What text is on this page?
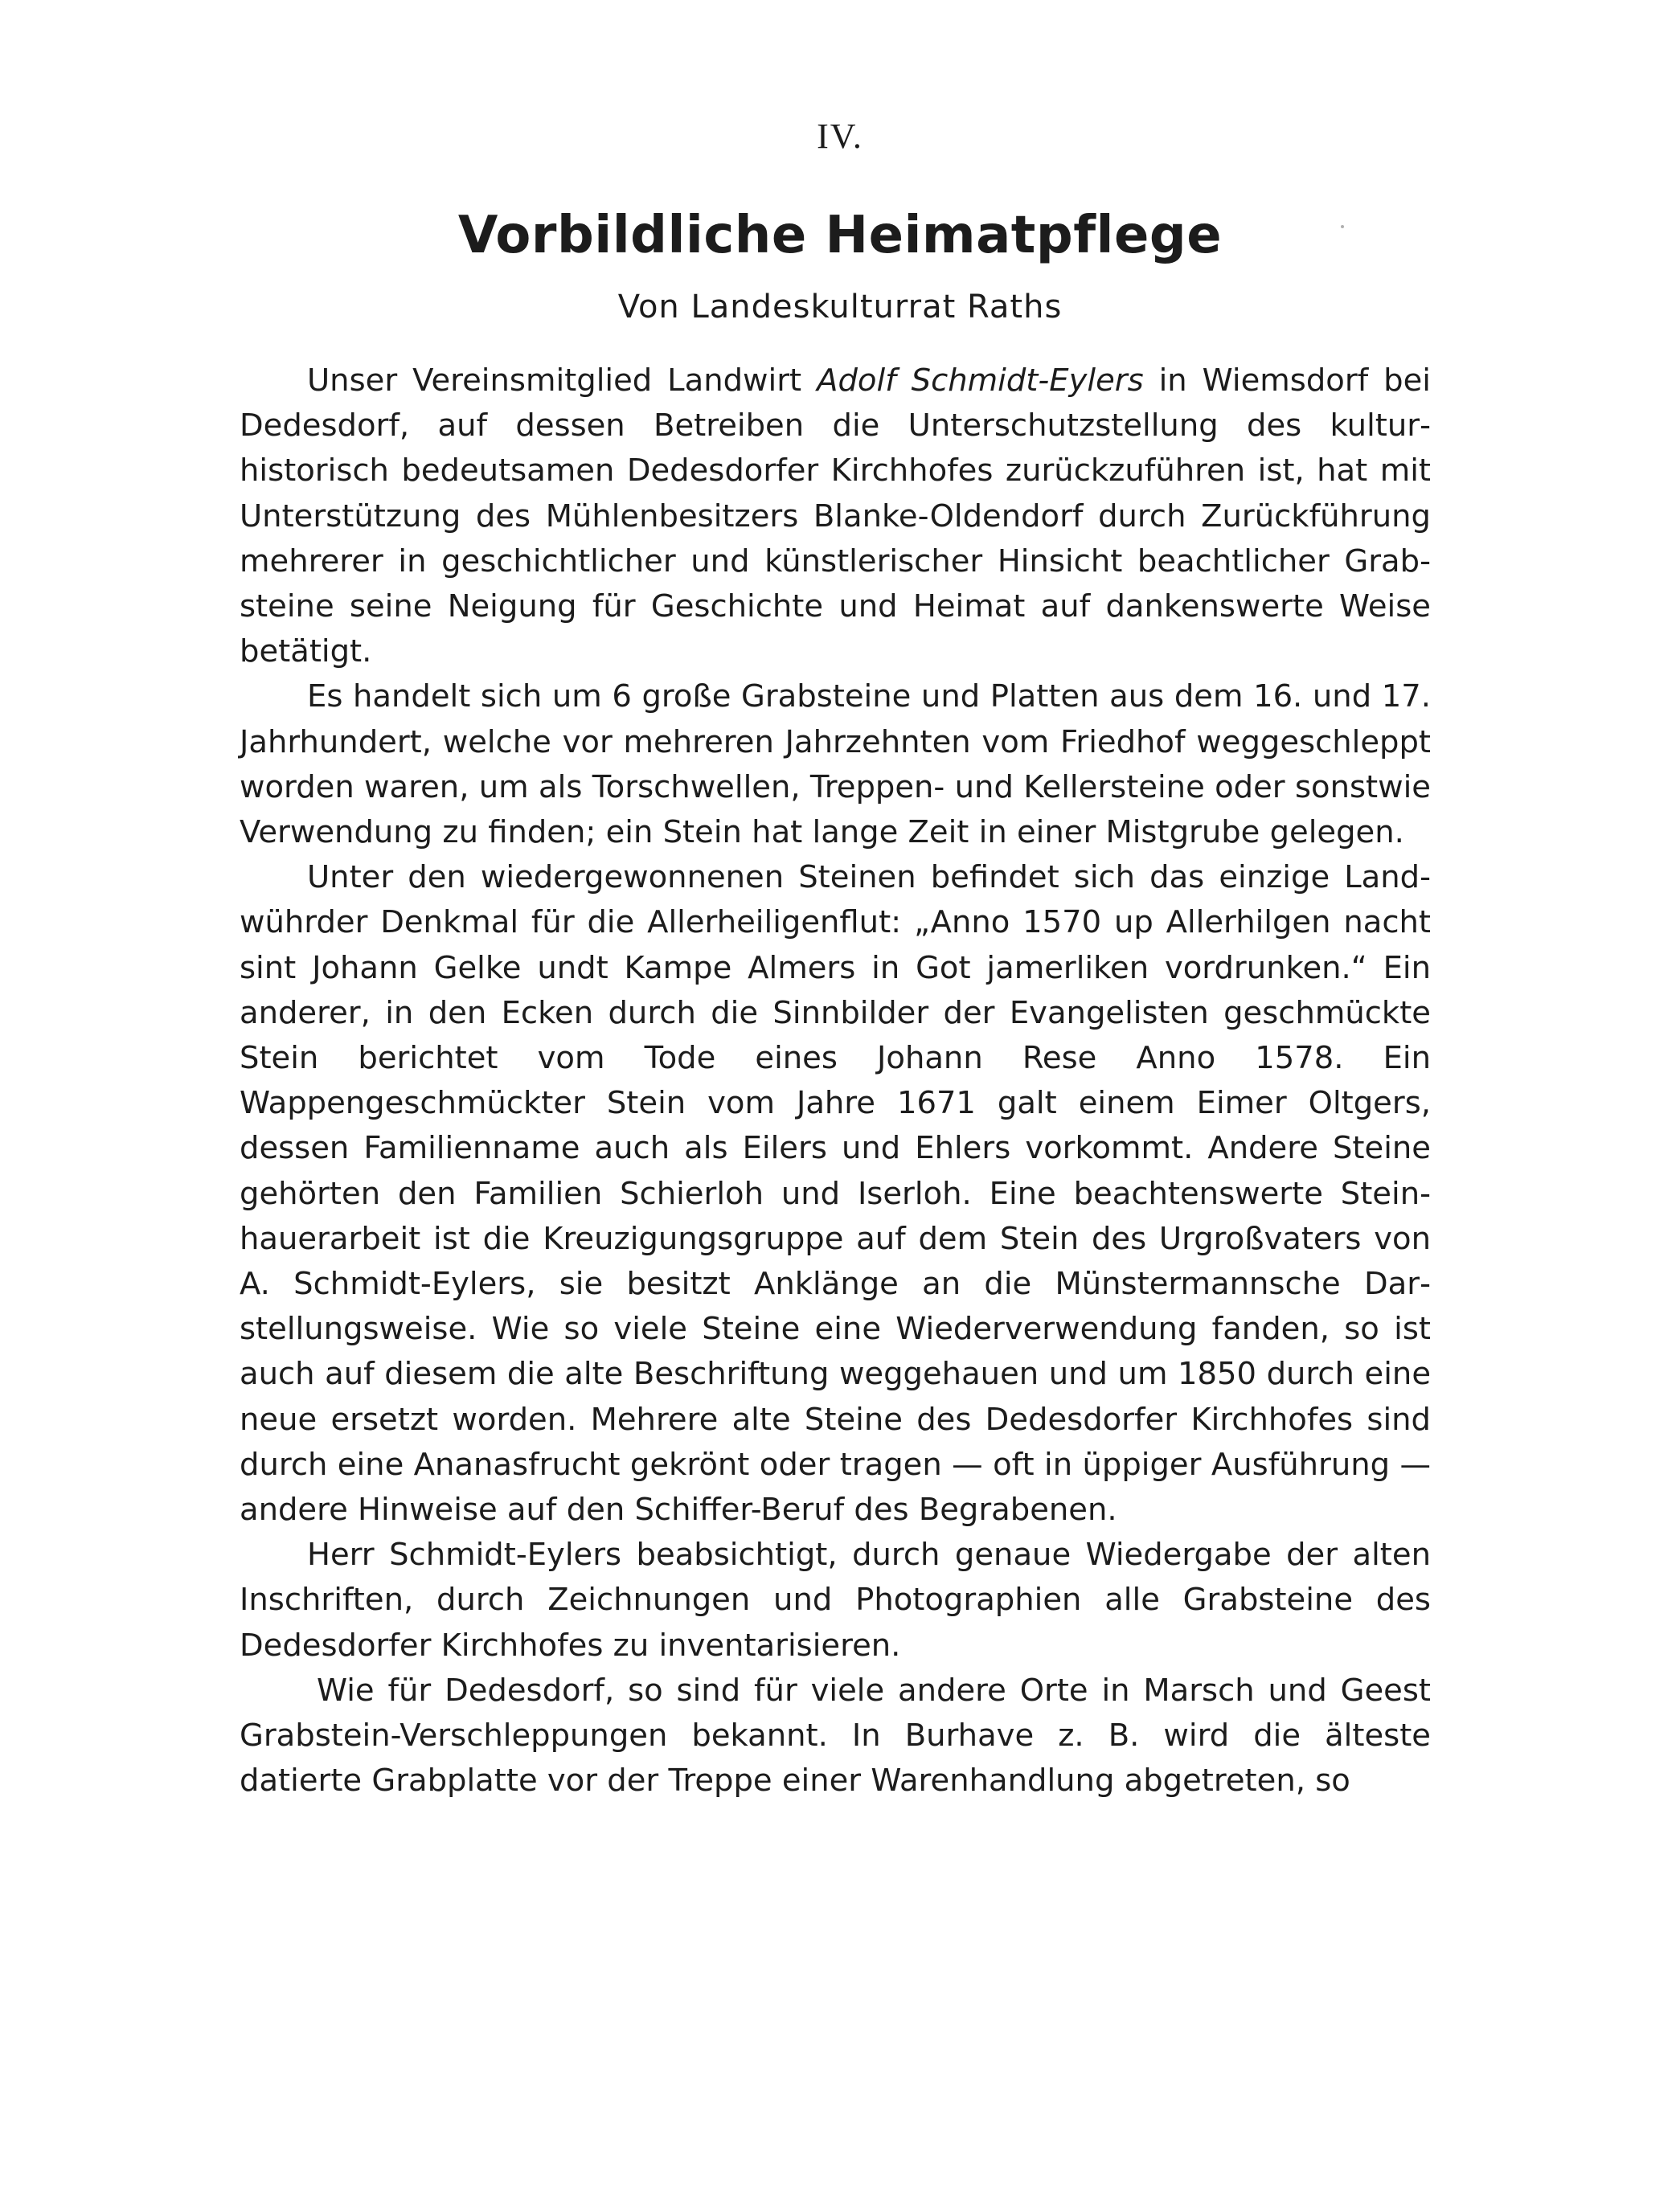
IV.
Vorbildliche Heimatpflege
Von Landeskulturrat Raths

Unser Vereinsmitglied Landwirt Adolf Schmidt-Eylers in Wiemsdorf bei Dedesdorf, auf dessen Betreiben die Unterschutzstellung des kulturhistorisch bedeutsamen Dedesdorfer Kirchhofes zurückzuführen ist, hat mit Unterstützung des Mühlenbesitzers Blanke-Oldendorf durch Zurückführung mehrerer in geschichtlicher und künstlerischer Hinsicht beachtlicher Grabsteine seine Neigung für Geschichte und Heimat auf dankenswerte Weise betätigt.

Es handelt sich um 6 große Grabsteine und Platten aus dem 16. und 17. Jahrhundert, welche vor mehreren Jahrzehnten vom Friedhof weggeschleppt worden waren, um als Torschwellen, Treppen- und Kellersteine oder sonstwie Verwendung zu finden; ein Stein hat lange Zeit in einer Mistgrube gelegen.

Unter den wiedergewonnenen Steinen befindet sich das einzige Landwührder Denkmal für die Allerheiligenflut: „Anno 1570 up Allerhilgen nacht sint Johann Gelke undt Kampe Almers in Got jamerliken vordrunken.“ Ein anderer, in den Ecken durch die Sinnbilder der Evangelisten geschmückte Stein berichtet vom Tode eines Johann Rese Anno 1578. Ein Wappengeschmückter Stein vom Jahre 1671 galt einem Eimer Oltgers, dessen Familienname auch als Eilers und Ehlers vorkommt. Andere Steine gehörten den Familien Schierloh und Iserloh. Eine beachtenswerte Steinhauerarbeit ist die Kreuzigungsgruppe auf dem Stein des Urgroßvaters von A. Schmidt-Eylers, sie besitzt Anklänge an die Münstermannsche Darstellungsweise. Wie so viele Steine eine Wiederverwendung fanden, so ist auch auf diesem die alte Beschriftung weggehauen und um 1850 durch eine neue ersetzt worden. Mehrere alte Steine des Dedesdorfer Kirchhofes sind durch eine Ananasfrucht gekrönt oder tragen — oft in üppiger Ausführung — andere Hinweise auf den Schiffer-Beruf des Begrabenen.

Herr Schmidt-Eylers beabsichtigt, durch genaue Wiedergabe der alten Inschriften, durch Zeichnungen und Photographien alle Grabsteine des Dedesdorfer Kirchhofes zu inventarisieren.

Wie für Dedesdorf, so sind für viele andere Orte in Marsch und Geest Grabstein-Verschleppungen bekannt. In Burhave z. B. wird die älteste datierte Grabplatte vor der Treppe einer Warenhandlung abgetreten, so
